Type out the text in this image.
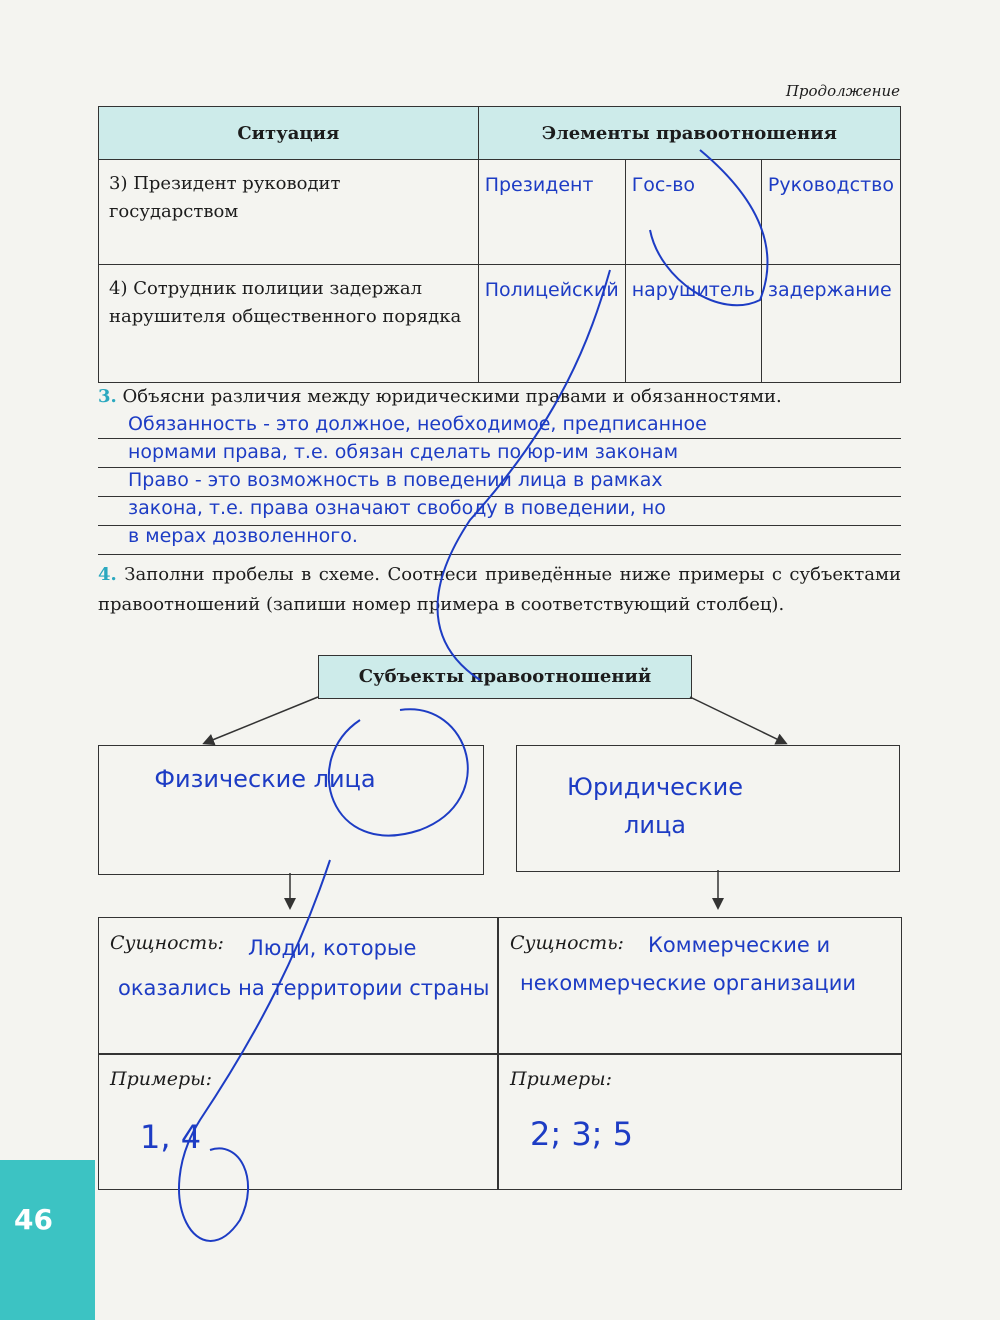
Продолжение
Ситуация	Элементы правоотношения		
3) Президент руководит государством	Президент	Гос-во	Руководство
4) Сотрудник полиции задержал нарушителя общественного порядка	Полицейский	нарушитель	задержание
3. Объясни различия между юридическими правами и обязанностями.
Обязанность - это должное, необходимое, предписанное
нормами права, т.е. обязан сделать по юр-им законам
Право - это возможность в поведении лица в рамках
закона, т.е. права означают свободу в поведении, но
в мерах дозволенного.
4. Заполни пробелы в схеме. Соотнеси приведённые ниже примеры с субъектами правоотношений (запиши номер примера в соответствующий столбец).
Субъекты правоотношений
Физические лица	Юридические лица
Сущность:	Люди, которые оказались на территории страны
Сущность:	Коммерческие и некоммерческие организации
Примеры:
1, 4
Примеры:
2; 3; 5
46
